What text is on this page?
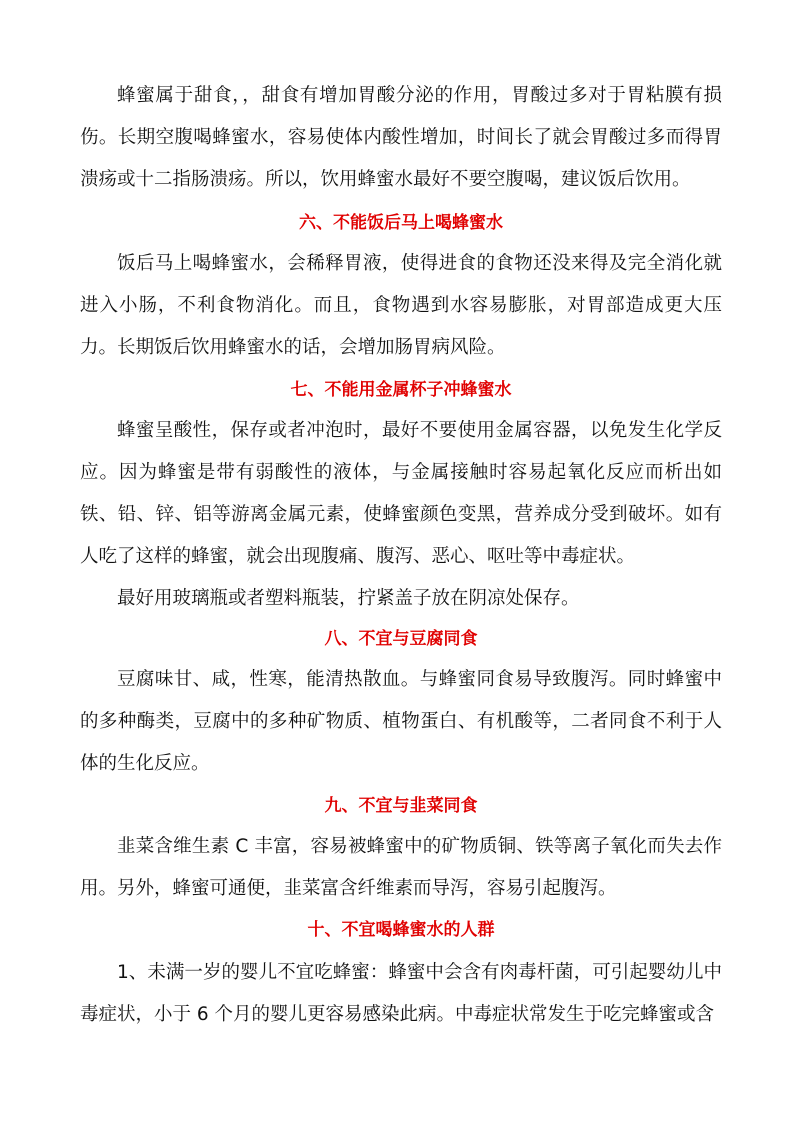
蜂蜜属于甜食，，甜食有增加胃酸分泌的作用，胃酸过多对于胃粘膜有损伤。长期空腹喝蜂蜜水，容易使体内酸性增加，时间长了就会胃酸过多而得胃溃疡或十二指肠溃疡。所以，饮用蜂蜜水最好不要空腹喝，建议饭后饮用。

六、不能饭后马上喝蜂蜜水

饭后马上喝蜂蜜水，会稀释胃液，使得进食的食物还没来得及完全消化就进入小肠，不利食物消化。而且，食物遇到水容易膨胀，对胃部造成更大压力。长期饭后饮用蜂蜜水的话，会增加肠胃病风险。

七、不能用金属杯子冲蜂蜜水

蜂蜜呈酸性，保存或者冲泡时，最好不要使用金属容器，以免发生化学反应。因为蜂蜜是带有弱酸性的液体，与金属接触时容易起氧化反应而析出如铁、铅、锌、铝等游离金属元素，使蜂蜜颜色变黑，营养成分受到破坏。如有人吃了这样的蜂蜜，就会出现腹痛、腹泻、恶心、呕吐等中毒症状。

最好用玻璃瓶或者塑料瓶装，拧紧盖子放在阴凉处保存。

八、不宜与豆腐同食

豆腐味甘、咸，性寒，能清热散血。与蜂蜜同食易导致腹泻。同时蜂蜜中的多种酶类，豆腐中的多种矿物质、植物蛋白、有机酸等，二者同食不利于人体的生化反应。

九、不宜与韭菜同食

韭菜含维生素 C 丰富，容易被蜂蜜中的矿物质铜、铁等离子氧化而失去作用。另外，蜂蜜可通便，韭菜富含纤维素而导泻，容易引起腹泻。

十、不宜喝蜂蜜水的人群

1、未满一岁的婴儿不宜吃蜂蜜：蜂蜜中会含有肉毒杆菌，可引起婴幼儿中毒症状，小于 6 个月的婴儿更容易感染此病。中毒症状常发生于吃完蜂蜜或含
